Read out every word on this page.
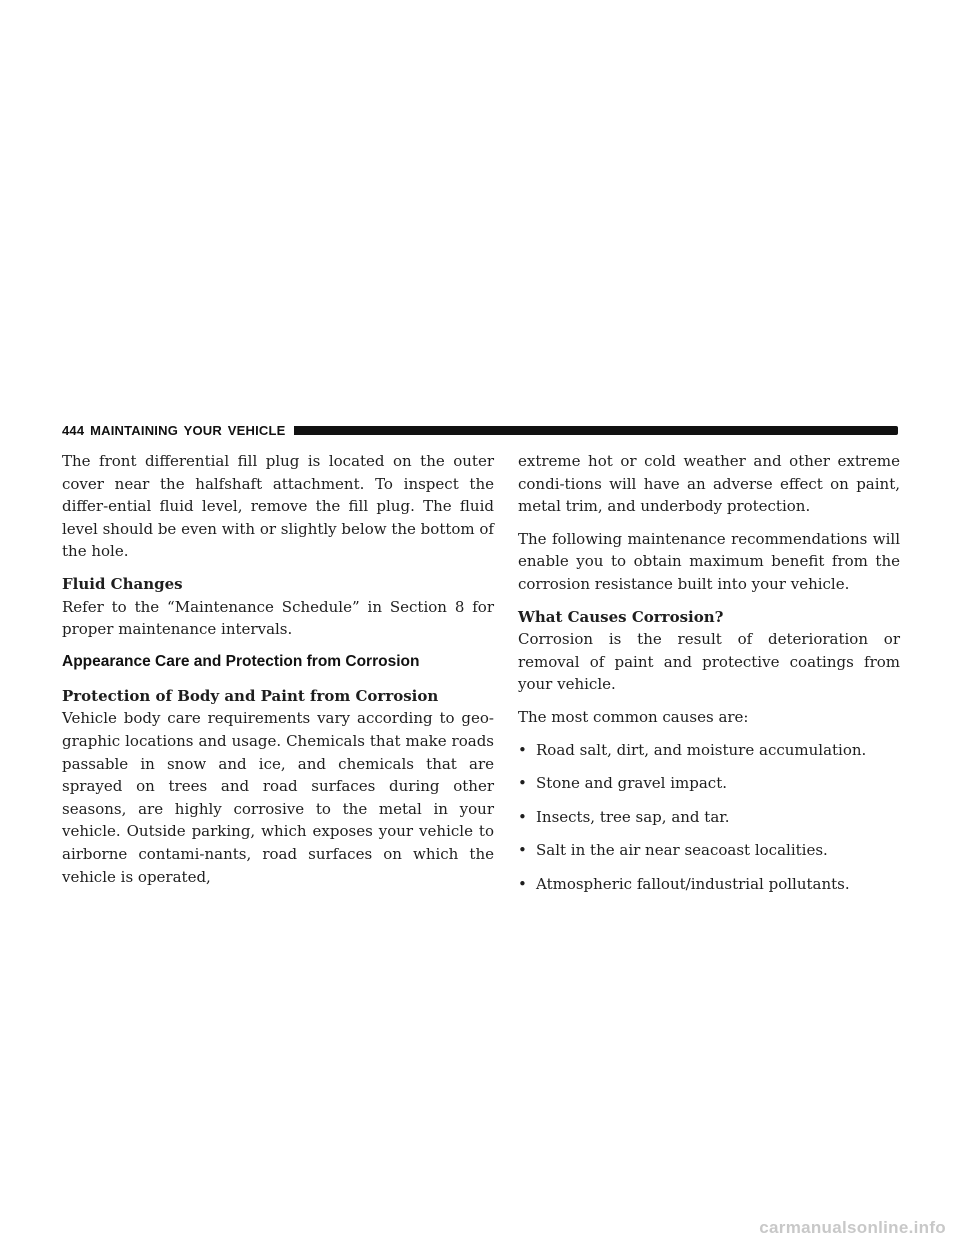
444 MAINTAINING YOUR VEHICLE

The front differential fill plug is located on the outer cover near the halfshaft attachment. To inspect the differ-ential fluid level, remove the fill plug. The fluid level should be even with or slightly below the bottom of the hole.

Fluid Changes

Refer to the “Maintenance Schedule” in Section 8 for proper maintenance intervals.

Appearance Care and Protection from Corrosion
Protection of Body and Paint from Corrosion

Vehicle body care requirements vary according to geo-graphic locations and usage. Chemicals that make roads passable in snow and ice, and chemicals that are sprayed on trees and road surfaces during other seasons, are highly corrosive to the metal in your vehicle. Outside parking, which exposes your vehicle to airborne contami-nants, road surfaces on which the vehicle is operated,

extreme hot or cold weather and other extreme condi-tions will have an adverse effect on paint, metal trim, and underbody protection.

The following maintenance recommendations will enable you to obtain maximum benefit from the corrosion resistance built into your vehicle.

What Causes Corrosion?

Corrosion is the result of deterioration or removal of paint and protective coatings from your vehicle.

The most common causes are:

• Road salt, dirt, and moisture accumulation.
• Stone and gravel impact.
• Insects, tree sap, and tar.
• Salt in the air near seacoast localities.
• Atmospheric fallout/industrial pollutants.
carmanualsonline.info
